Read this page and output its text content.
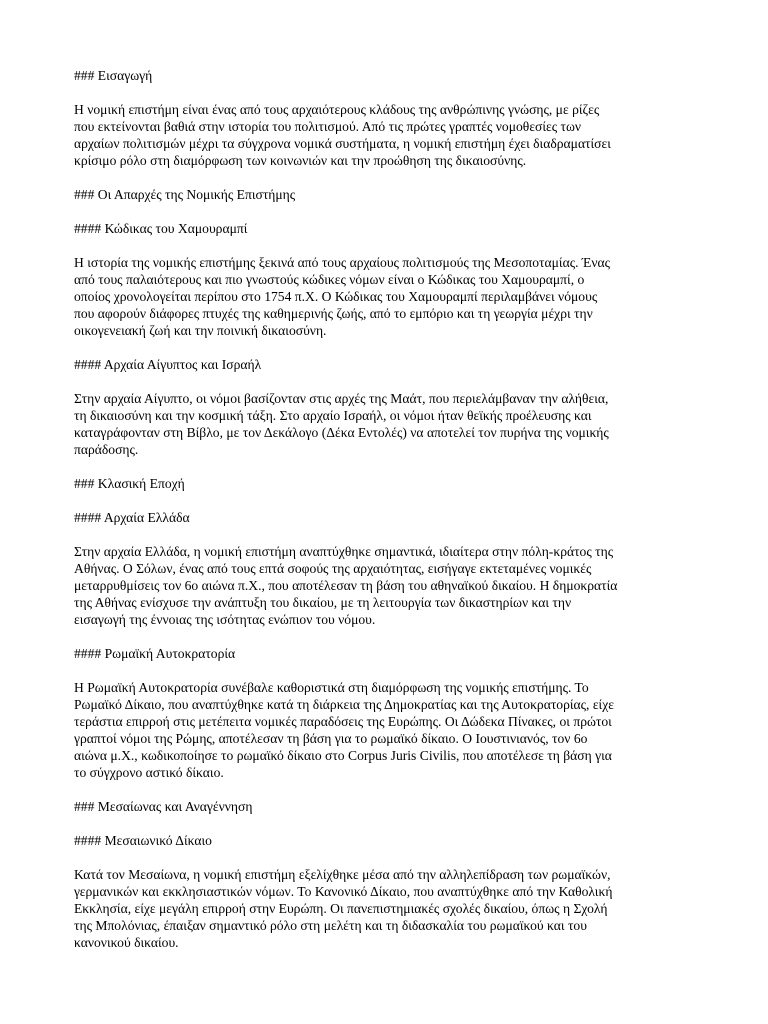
### Εισαγωγή
Η νομική επιστήμη είναι ένας από τους αρχαιότερους κλάδους της ανθρώπινης γνώσης, με ρίζες
που εκτείνονται βαθιά στην ιστορία του πολιτισμού. Από τις πρώτες γραπτές νομοθεσίες των
αρχαίων πολιτισμών μέχρι τα σύγχρονα νομικά συστήματα, η νομική επιστήμη έχει διαδραματίσει
κρίσιμο ρόλο στη διαμόρφωση των κοινωνιών και την προώθηση της δικαιοσύνης.
### Οι Απαρχές της Νομικής Επιστήμης
#### Κώδικας του Χαμουραμπί
Η ιστορία της νομικής επιστήμης ξεκινά από τους αρχαίους πολιτισμούς της Μεσοποταμίας. Ένας
από τους παλαιότερους και πιο γνωστούς κώδικες νόμων είναι ο Κώδικας του Χαμουραμπί, ο
οποίος χρονολογείται περίπου στο 1754 π.Χ. Ο Κώδικας του Χαμουραμπί περιλαμβάνει νόμους
που αφορούν διάφορες πτυχές της καθημερινής ζωής, από το εμπόριο και τη γεωργία μέχρι την
οικογενειακή ζωή και την ποινική δικαιοσύνη.
#### Αρχαία Αίγυπτος και Ισραήλ
Στην αρχαία Αίγυπτο, οι νόμοι βασίζονταν στις αρχές της Μαάτ, που περιελάμβαναν την αλήθεια,
τη δικαιοσύνη και την κοσμική τάξη. Στο αρχαίο Ισραήλ, οι νόμοι ήταν θεϊκής προέλευσης και
καταγράφονταν στη Βίβλο, με τον Δεκάλογο (Δέκα Εντολές) να αποτελεί τον πυρήνα της νομικής
παράδοσης.
### Κλασική Εποχή
#### Αρχαία Ελλάδα
Στην αρχαία Ελλάδα, η νομική επιστήμη αναπτύχθηκε σημαντικά, ιδιαίτερα στην πόλη-κράτος της
Αθήνας. Ο Σόλων, ένας από τους επτά σοφούς της αρχαιότητας, εισήγαγε εκτεταμένες νομικές
μεταρρυθμίσεις τον 6ο αιώνα π.Χ., που αποτέλεσαν τη βάση του αθηναϊκού δικαίου. Η δημοκρατία
της Αθήνας ενίσχυσε την ανάπτυξη του δικαίου, με τη λειτουργία των δικαστηρίων και την
εισαγωγή της έννοιας της ισότητας ενώπιον του νόμου.
#### Ρωμαϊκή Αυτοκρατορία
Η Ρωμαϊκή Αυτοκρατορία συνέβαλε καθοριστικά στη διαμόρφωση της νομικής επιστήμης. Το
Ρωμαϊκό Δίκαιο, που αναπτύχθηκε κατά τη διάρκεια της Δημοκρατίας και της Αυτοκρατορίας, είχε
τεράστια επιρροή στις μετέπειτα νομικές παραδόσεις της Ευρώπης. Οι Δώδεκα Πίνακες, οι πρώτοι
γραπτοί νόμοι της Ρώμης, αποτέλεσαν τη βάση για το ρωμαϊκό δίκαιο. Ο Ιουστινιανός, τον 6ο
αιώνα μ.Χ., κωδικοποίησε το ρωμαϊκό δίκαιο στο Corpus Juris Civilis, που αποτέλεσε τη βάση για
το σύγχρονο αστικό δίκαιο.
### Μεσαίωνας και Αναγέννηση
#### Μεσαιωνικό Δίκαιο
Κατά τον Μεσαίωνα, η νομική επιστήμη εξελίχθηκε μέσα από την αλληλεπίδραση των ρωμαϊκών,
γερμανικών και εκκλησιαστικών νόμων. Το Κανονικό Δίκαιο, που αναπτύχθηκε από την Καθολική
Εκκλησία, είχε μεγάλη επιρροή στην Ευρώπη. Οι πανεπιστημιακές σχολές δικαίου, όπως η Σχολή
της Μπολόνιας, έπαιξαν σημαντικό ρόλο στη μελέτη και τη διδασκαλία του ρωμαϊκού και του
κανονικού δικαίου.
